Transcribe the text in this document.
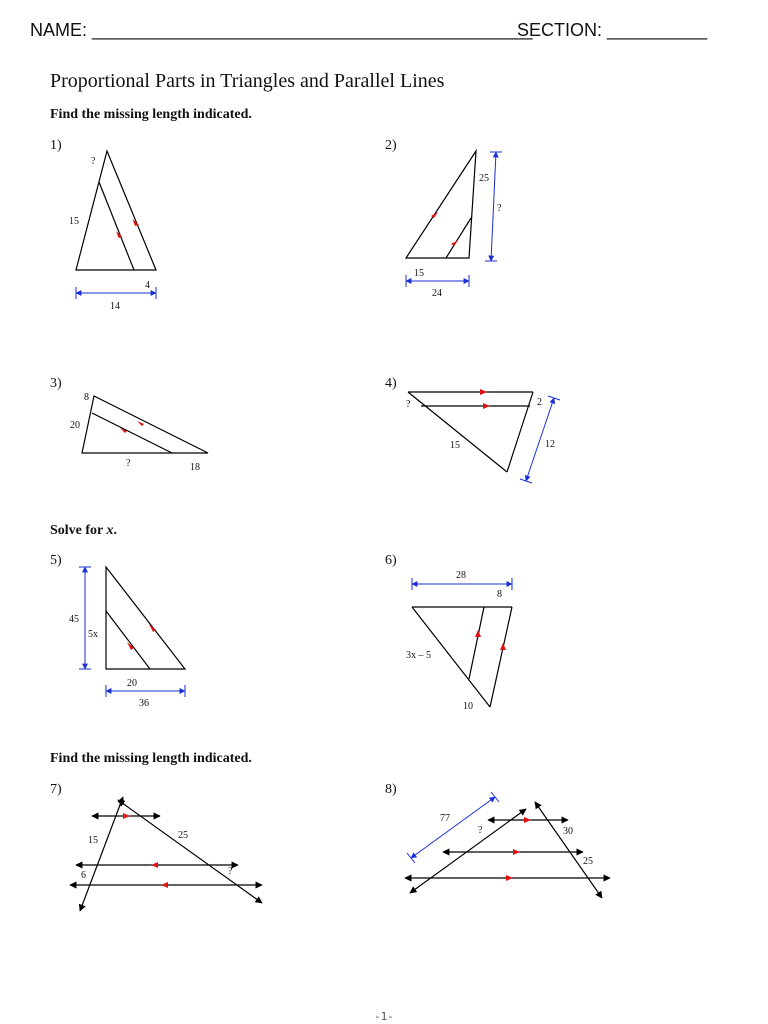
NAME: ____________________________________________
SECTION: __________
Proportional Parts in Triangles and Parallel Lines
Find the missing length indicated.
Solve for x.
Find the missing length indicated.
1)	2)
3)	4)
5)	6)
7)	8)
?
15
4
14
25
?
15
24
8
20
?	18
?	2
15	12
45
5x
20
36
28
8
3x – 5
10
15	25
6	?
77
?	30
25
-1-
